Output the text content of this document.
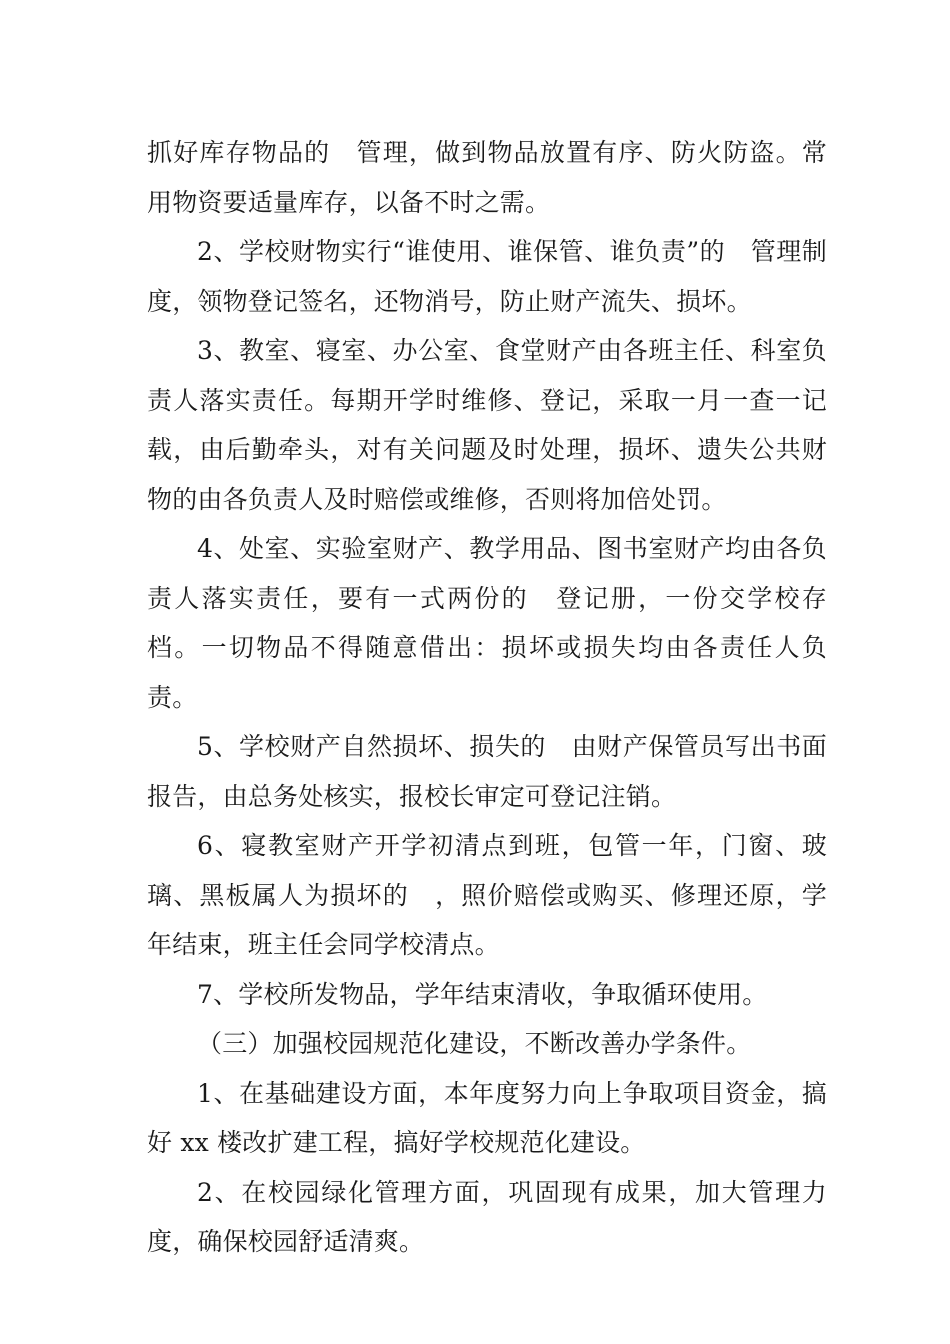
抓好库存物品的　管理，做到物品放置有序、防火防盗。常用物资要适量库存，以备不时之需。

2、学校财物实行“谁使用、谁保管、谁负责”的　管理制度，领物登记签名，还物消号，防止财产流失、损坏。

3、教室、寝室、办公室、食堂财产由各班主任、科室负责人落实责任。每期开学时维修、登记，采取一月一查一记载，由后勤牵头，对有关问题及时处理，损坏、遗失公共财物的由各负责人及时赔偿或维修，否则将加倍处罚。

4、处室、实验室财产、教学用品、图书室财产均由各负责人落实责任，要有一式两份的　登记册，一份交学校存档。一切物品不得随意借出：损坏或损失均由各责任人负责。

5、学校财产自然损坏、损失的　由财产保管员写出书面报告，由总务处核实，报校长审定可登记注销。

6、寝教室财产开学初清点到班，包管一年，门窗、玻璃、黑板属人为损坏的　，照价赔偿或购买、修理还原，学年结束，班主任会同学校清点。

7、学校所发物品，学年结束清收，争取循环使用。

（三）加强校园规范化建设，不断改善办学条件。

1、在基础建设方面，本年度努力向上争取项目资金，搞好 xx 楼改扩建工程，搞好学校规范化建设。

2、在校园绿化管理方面，巩固现有成果，加大管理力度，确保校园舒适清爽。
